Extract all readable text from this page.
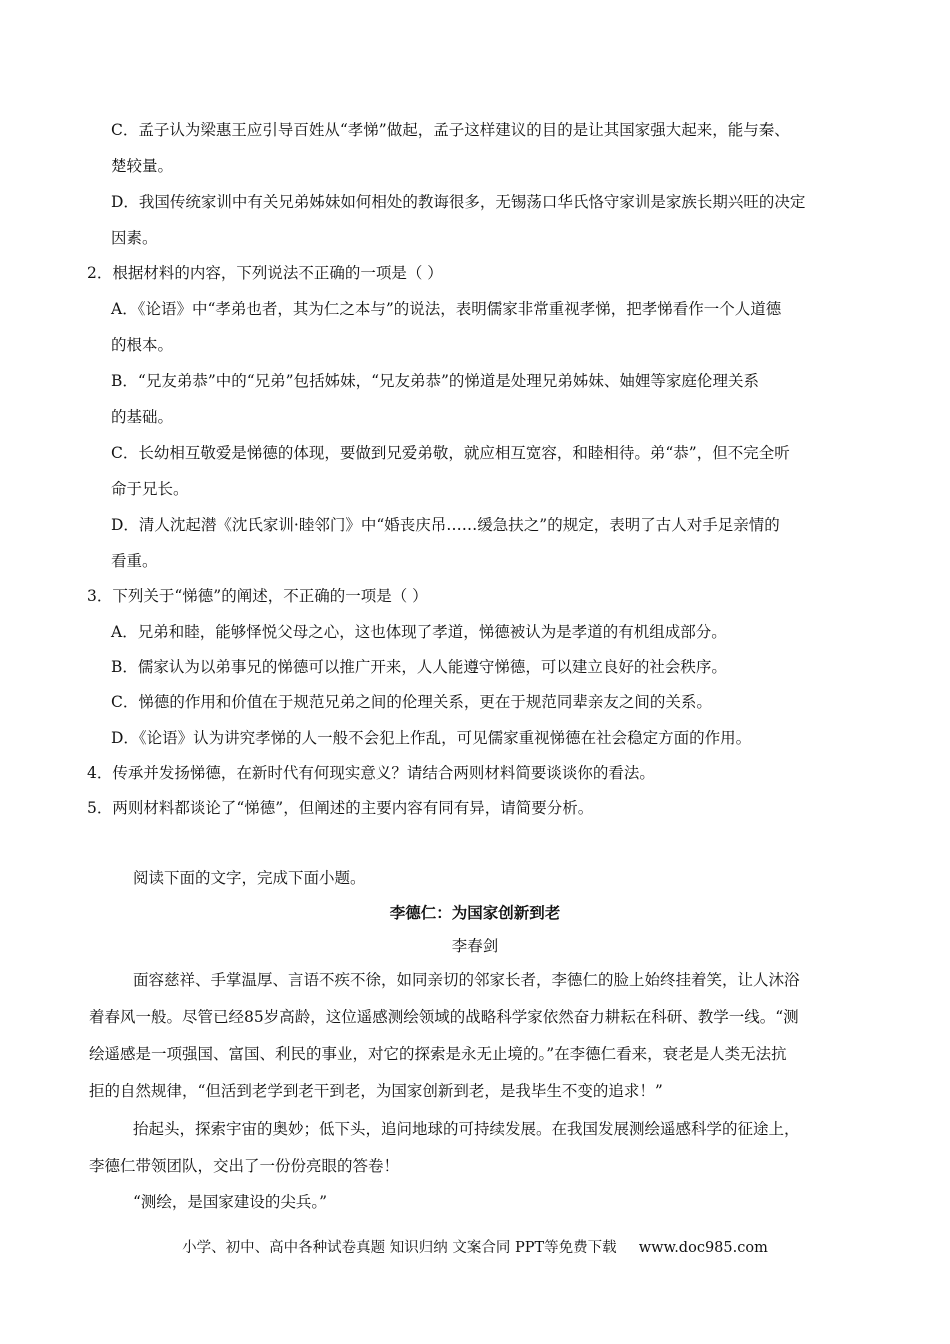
C．孟子认为梁惠王应引导百姓从“孝悌”做起，孟子这样建议的目的是让其国家强大起来，能与秦、
楚较量。
D．我国传统家训中有关兄弟姊妹如何相处的教诲很多，无锡荡口华氏恪守家训是家族长期兴旺的决定
因素。
2．根据材料的内容，下列说法不正确的一项是（ ）
A．《论语》中“孝弟也者，其为仁之本与”的说法，表明儒家非常重视孝悌，把孝悌看作一个人道德
的根本。
B．“兄友弟恭”中的“兄弟”包括姊妹，“兄友弟恭”的悌道是处理兄弟姊妹、妯娌等家庭伦理关系
的基础。
C．长幼相互敬爱是悌德的体现，要做到兄爱弟敬，就应相互宽容，和睦相待。弟“恭”，但不完全听
命于兄长。
D．清人沈起潜《沈氏家训·睦邻门》中“婚丧庆吊……缓急扶之”的规定，表明了古人对手足亲情的
看重。
3．下列关于“悌德”的阐述，不正确的一项是（ ）
A．兄弟和睦，能够怿悦父母之心，这也体现了孝道，悌德被认为是孝道的有机组成部分。
B．儒家认为以弟事兄的悌德可以推广开来，人人能遵守悌德，可以建立良好的社会秩序。
C．悌德的作用和价值在于规范兄弟之间的伦理关系，更在于规范同辈亲友之间的关系。
D．《论语》认为讲究孝悌的人一般不会犯上作乱，可见儒家重视悌德在社会稳定方面的作用。
4．传承并发扬悌德，在新时代有何现实意义？请结合两则材料简要谈谈你的看法。
5．两则材料都谈论了“悌德”，但阐述的主要内容有同有异，请简要分析。
阅读下面的文字，完成下面小题。
李德仁：为国家创新到老
李春剑
面容慈祥、手掌温厚、言语不疾不徐，如同亲切的邻家长者，李德仁的脸上始终挂着笑，让人沐浴
着春风一般。尽管已经85岁高龄，这位遥感测绘领域的战略科学家依然奋力耕耘在科研、教学一线。“测
绘遥感是一项强国、富国、利民的事业，对它的探索是永无止境的。”在李德仁看来，衰老是人类无法抗
拒的自然规律，“但活到老学到老干到老，为国家创新到老，是我毕生不变的追求！”
抬起头，探索宇宙的奥妙；低下头，追问地球的可持续发展。在我国发展测绘遥感科学的征途上，
李德仁带领团队，交出了一份份亮眼的答卷！
“测绘，是国家建设的尖兵。”
小学、初中、高中各种试卷真题 知识归纳 文案合同 PPT等免费下载 www.doc985.com
